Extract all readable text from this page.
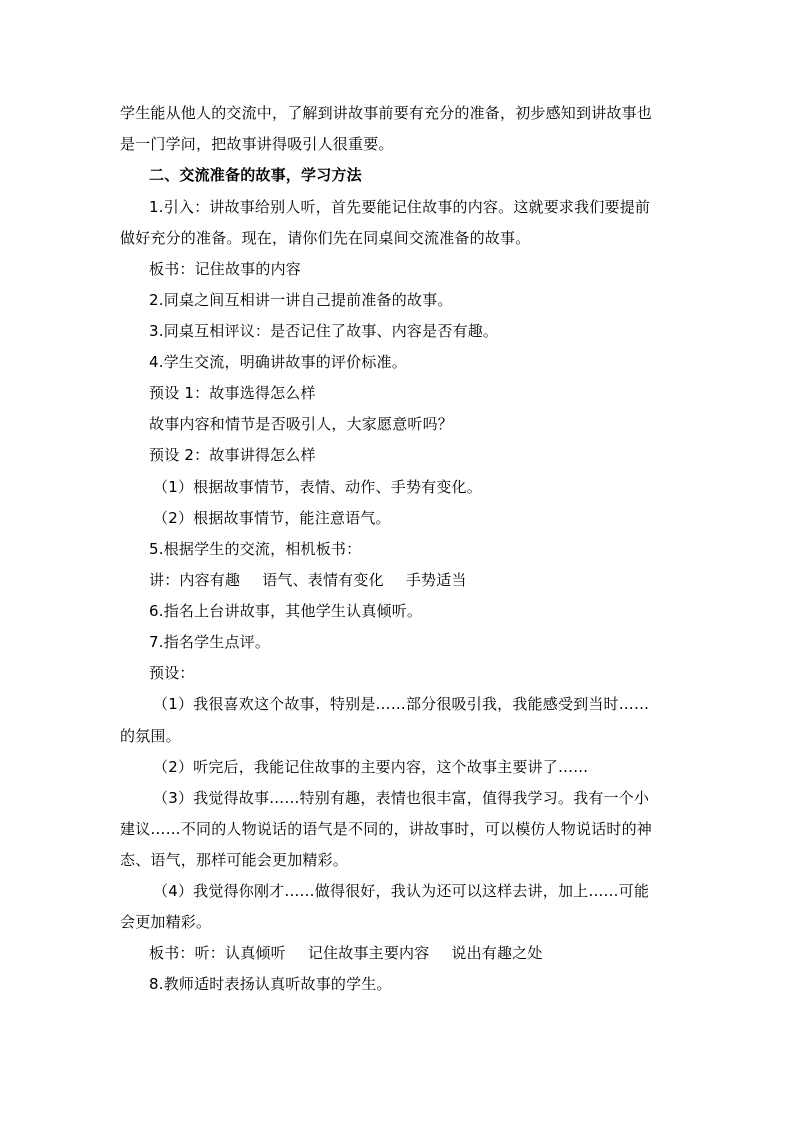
学生能从他人的交流中，了解到讲故事前要有充分的准备，初步感知到讲故事也
是一门学问，把故事讲得吸引人很重要。
二、交流准备的故事，学习方法
1.引入：讲故事给别人听，首先要能记住故事的内容。这就要求我们要提前
做好充分的准备。现在，请你们先在同桌间交流准备的故事。
板书：记住故事的内容
2.同桌之间互相讲一讲自己提前准备的故事。
3.同桌互相评议：是否记住了故事、内容是否有趣。
4.学生交流，明确讲故事的评价标准。
预设 1：故事选得怎么样
故事内容和情节是否吸引人，大家愿意听吗？
预设 2：故事讲得怎么样
（1）根据故事情节，表情、动作、手势有变化。
（2）根据故事情节，能注意语气。
5.根据学生的交流，相机板书：
讲：内容有趣 语气、表情有变化 手势适当
6.指名上台讲故事，其他学生认真倾听。
7.指名学生点评。
预设：
（1）我很喜欢这个故事，特别是……部分很吸引我，我能感受到当时……
的氛围。
（2）听完后，我能记住故事的主要内容，这个故事主要讲了……
（3）我觉得故事……特别有趣，表情也很丰富，值得我学习。我有一个小
建议……不同的人物说话的语气是不同的，讲故事时，可以模仿人物说话时的神
态、语气，那样可能会更加精彩。
（4）我觉得你刚才……做得很好，我认为还可以这样去讲，加上……可能
会更加精彩。
板书：听：认真倾听 记住故事主要内容 说出有趣之处
8.教师适时表扬认真听故事的学生。
